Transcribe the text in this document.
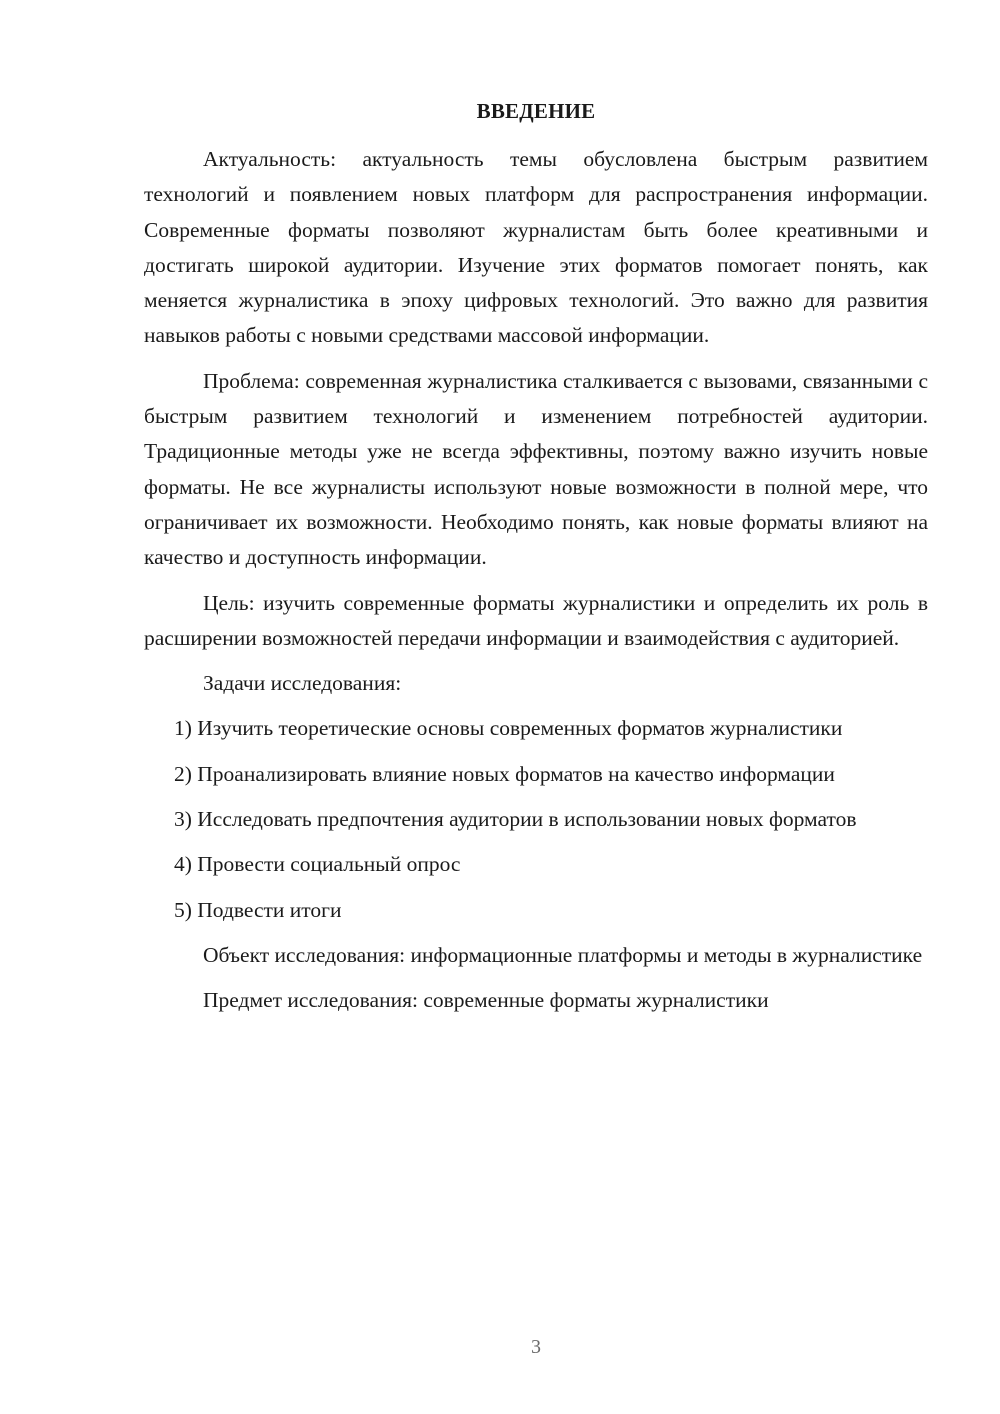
ВВЕДЕНИЕ

Актуальность: актуальность темы обусловлена быстрым развитием технологий и появлением новых платформ для распространения информации. Современные форматы позволяют журналистам быть более креативными и достигать широкой аудитории. Изучение этих форматов помогает понять, как меняется журналистика в эпоху цифровых технологий. Это важно для развития навыков работы с новыми средствами массовой информации.

Проблема: современная журналистика сталкивается с вызовами, связанными с быстрым развитием технологий и изменением потребностей аудитории. Традиционные методы уже не всегда эффективны, поэтому важно изучить новые форматы. Не все журналисты используют новые возможности в полной мере, что ограничивает их возможности. Необходимо понять, как новые форматы влияют на качество и доступность информации.

Цель: изучить современные форматы журналистики и определить их роль в расширении возможностей передачи информации и взаимодействия с аудиторией.

Задачи исследования:

1) Изучить теоретические основы современных форматов журналистики

2) Проанализировать влияние новых форматов на качество информации

3) Исследовать предпочтения аудитории в использовании новых форматов

4) Провести социальный опрос

5) Подвести итоги

Объект исследования: информационные платформы и методы в журналистике

Предмет исследования: современные форматы журналистики

3
